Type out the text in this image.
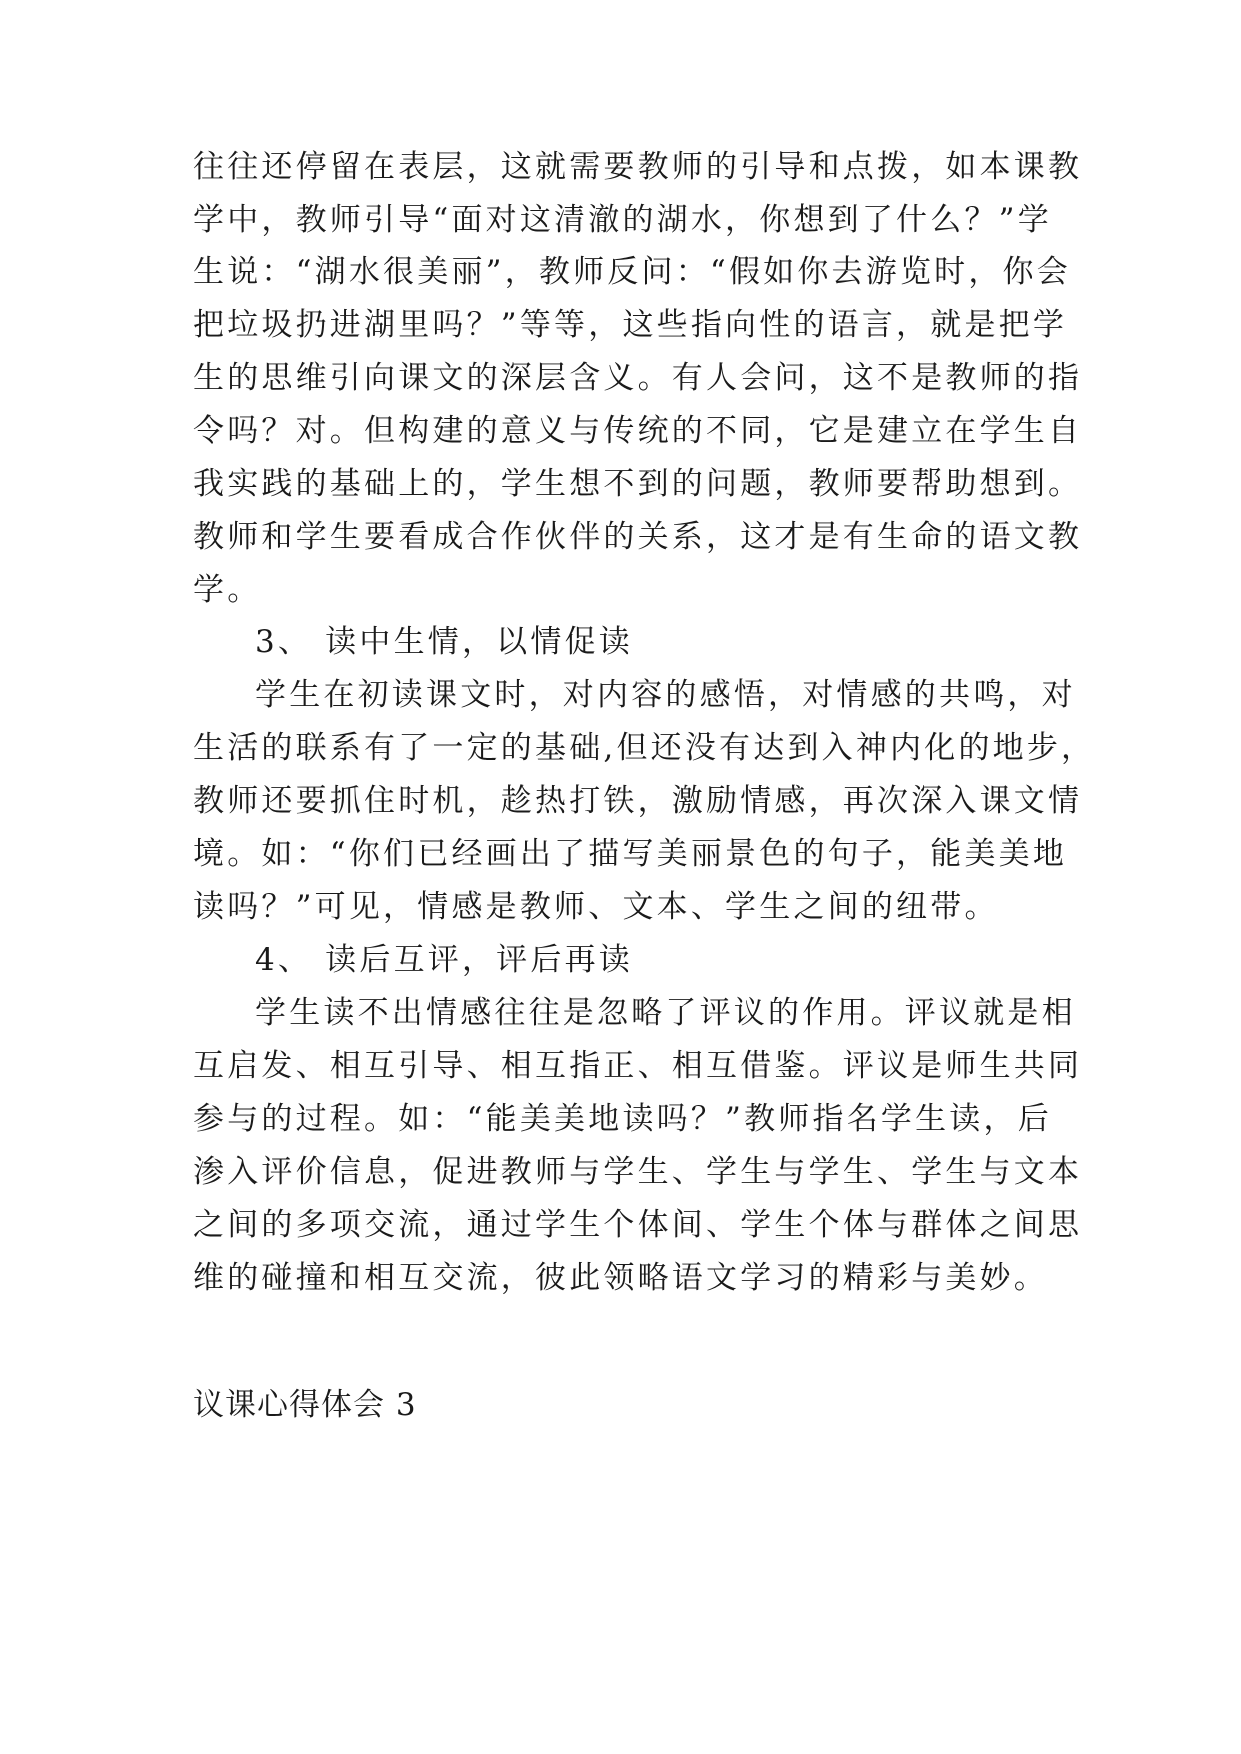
往往还停留在表层，这就需要教师的引导和点拨，如本课教
学中，教师引导“面对这清澈的湖水，你想到了什么？”学
生说：“湖水很美丽”，教师反问：“假如你去游览时，你会
把垃圾扔进湖里吗？”等等，这些指向性的语言，就是把学
生的思维引向课文的深层含义。有人会问，这不是教师的指
令吗？对。但构建的意义与传统的不同，它是建立在学生自
我实践的基础上的，学生想不到的问题，教师要帮助想到。
教师和学生要看成合作伙伴的关系，这才是有生命的语文教
学。
3、 读中生情，以情促读
学生在初读课文时，对内容的感悟，对情感的共鸣，对
生活的联系有了一定的基础,但还没有达到入神内化的地步，
教师还要抓住时机，趁热打铁，激励情感，再次深入课文情
境。如：“你们已经画出了描写美丽景色的句子，能美美地
读吗？”可见，情感是教师、文本、学生之间的纽带。
4、 读后互评，评后再读
学生读不出情感往往是忽略了评议的作用。评议就是相
互启发、相互引导、相互指正、相互借鉴。评议是师生共同
参与的过程。如：“能美美地读吗？”教师指名学生读，后
渗入评价信息，促进教师与学生、学生与学生、学生与文本
之间的多项交流，通过学生个体间、学生个体与群体之间思
维的碰撞和相互交流，彼此领略语文学习的精彩与美妙。
议课心得体会 3
